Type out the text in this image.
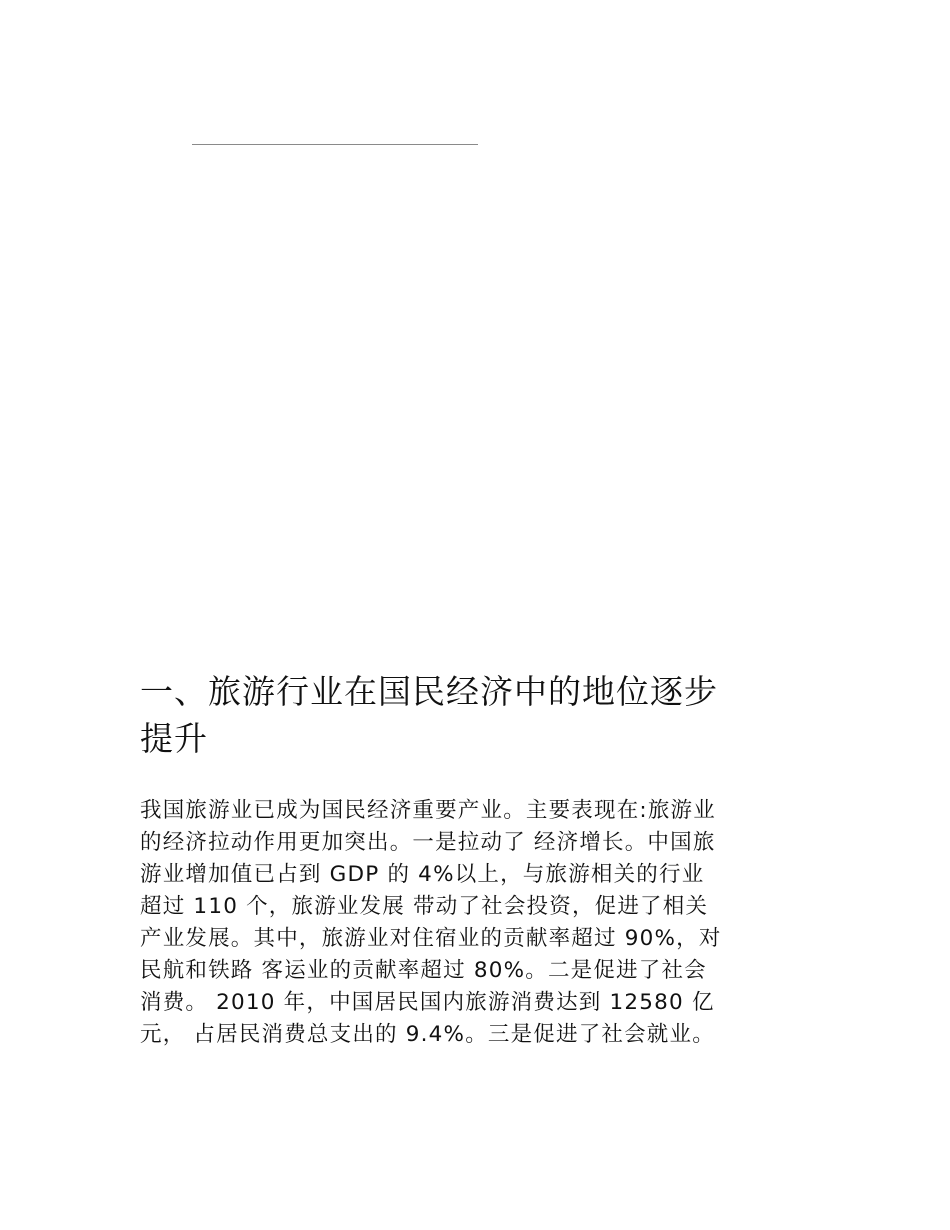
一、旅游行业在国民经济中的地位逐步
提升
我国旅游业已成为国民经济重要产业。主要表现在:旅游业
的经济拉动作用更加突出。一是拉动了 经济增长。中国旅
游业增加值已占到 GDP 的 4%以上，与旅游相关的行业
超过 110 个，旅游业发展 带动了社会投资，促进了相关
产业发展。其中，旅游业对住宿业的贡献率超过 90%，对
民航和铁路 客运业的贡献率超过 80%。二是促进了社会
消费。 2010 年，中国居民国内旅游消费达到 12580 亿
元， 占居民消费总支出的 9.4%。三是促进了社会就业。
